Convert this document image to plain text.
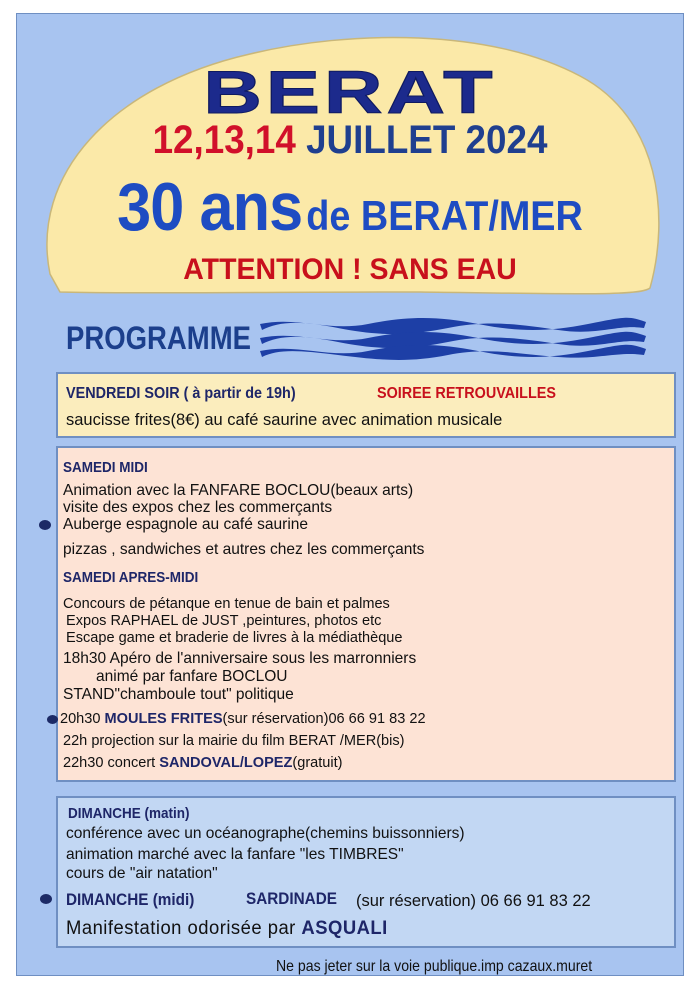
BERAT
12,13,14 JUILLET 2024
30 ans de BERAT/MER
ATTENTION ! SANS EAU
PROGRAMME
VENDREDI SOIR ( à partir de 19h)	SOIREE RETROUVAILLES
saucisse frites(8€) au café saurine avec animation musicale
SAMEDI MIDI
Animation avec la FANFARE BOCLOU(beaux arts)
visite des expos chez les commerçants
Auberge espagnole au café saurine
pizzas , sandwiches et autres chez les commerçants
SAMEDI APRES-MIDI
Concours de pétanque en tenue de bain et palmes
Expos RAPHAEL de JUST ,peintures, photos etc
Escape game et braderie de livres à la médiathèque
18h30 Apéro de l'anniversaire sous les marronniers
animé par fanfare BOCLOU
STAND"chamboule tout" politique
20h30 MOULES FRITES(sur réservation)06 66 91 83 22
22h projection sur la mairie du film BERAT /MER(bis)
22h30 concert SANDOVAL/LOPEZ(gratuit)
DIMANCHE (matin)
conférence avec un océanographe(chemins buissonniers)
animation marché avec la fanfare "les TIMBRES"
cours de "air natation"
DIMANCHE (midi)	SARDINADE (sur réservation) 06 66 91 83 22
Manifestation odorisée par ASQUALI
Ne pas jeter sur la voie publique.imp cazaux.muret
